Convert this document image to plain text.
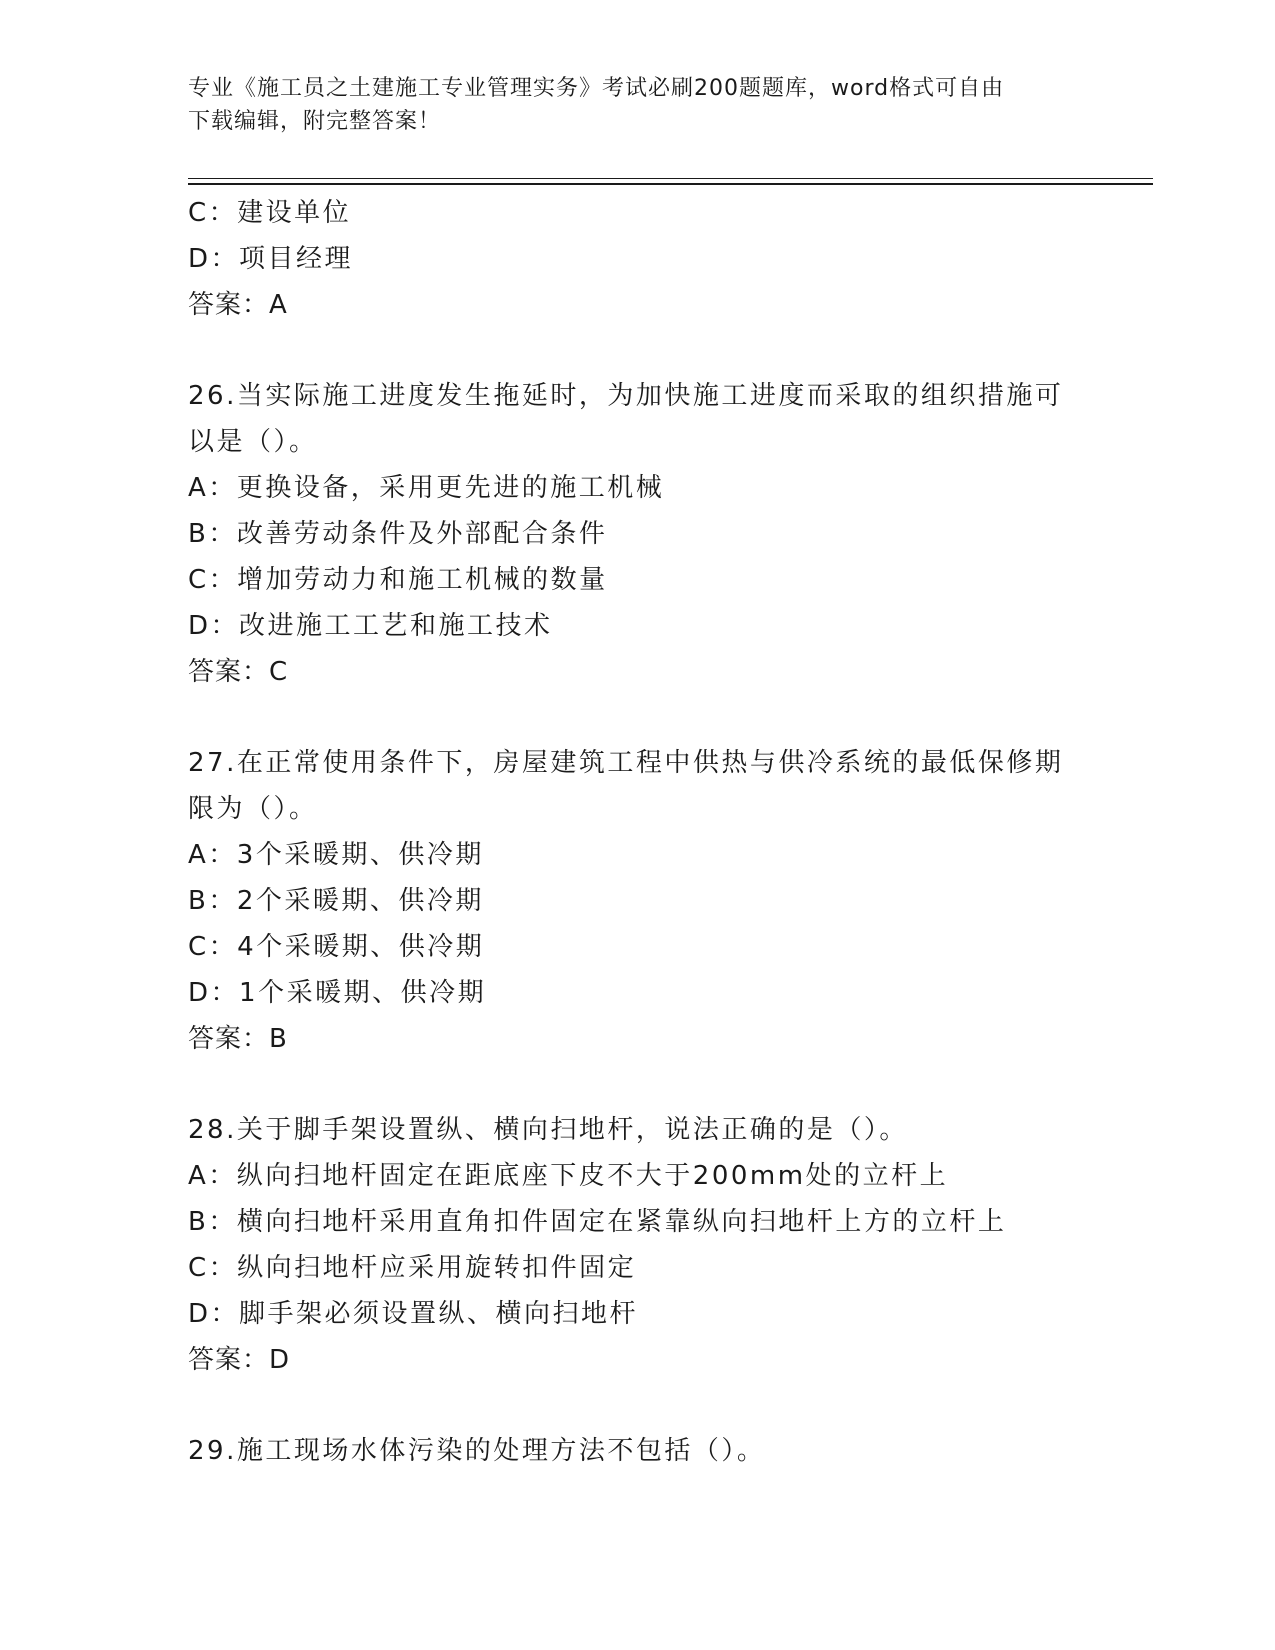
专业《施工员之土建施工专业管理实务》考试必刷200题题库，word格式可自由
下载编辑，附完整答案！
C：建设单位
D：项目经理
答案：A
26.当实际施工进度发生拖延时，为加快施工进度而采取的组织措施可
以是（）。
A：更换设备，采用更先进的施工机械
B：改善劳动条件及外部配合条件
C：增加劳动力和施工机械的数量
D：改进施工工艺和施工技术
答案：C
27.在正常使用条件下，房屋建筑工程中供热与供冷系统的最低保修期
限为（）。
A：3个采暖期、供冷期
B：2个采暖期、供冷期
C：4个采暖期、供冷期
D：1个采暖期、供冷期
答案：B
28.关于脚手架设置纵、横向扫地杆，说法正确的是（）。
A：纵向扫地杆固定在距底座下皮不大于200mm处的立杆上
B：横向扫地杆采用直角扣件固定在紧靠纵向扫地杆上方的立杆上
C：纵向扫地杆应采用旋转扣件固定
D：脚手架必须设置纵、横向扫地杆
答案：D
29.施工现场水体污染的处理方法不包括（）。
